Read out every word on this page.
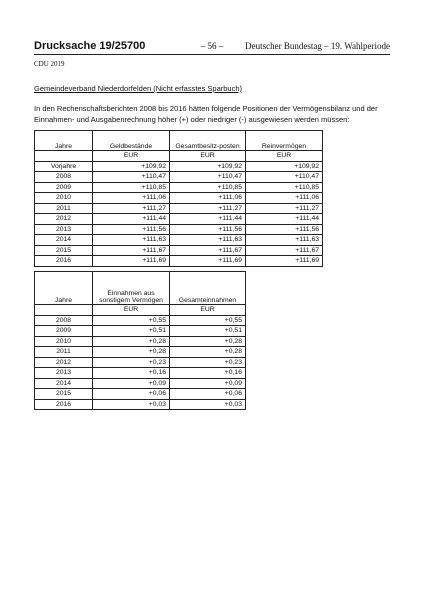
Drucksache 19/25700	– 56 –	Deutscher Bundestag – 19. Wahlperiode
CDU 2019
Gemeindeverband Niederdorfelden (Nicht erfasstes Sparbuch)
In den Rechenschaftsberichten 2008 bis 2016 hätten folgende Positionen der Vermögensbilanz und der Einnahmen- und Ausgabenrechnung höher (+) oder niedriger (-) ausgewiesen werden müssen:
Jahre	Geldbestände	Gesamtbesitz-posten	Reinvermögen
	EUR	EUR	EUR
Vorjahre	+109,92	+109,92	+109,92
2008	+110,47	+110,47	+110,47
2009	+110,85	+110,85	+110,85
2010	+111,06	+111,06	+111,06
2011	+111,27	+111,27	+111,27
2012	+111,44	+111,44	+111,44
2013	+111,56	+111,56	+111,56
2014	+111,63	+111,63	+111,63
2015	+111,67	+111,67	+111,67
2016	+111,69	+111,69	+111,69
Jahre	Einnahmen aus sonstigem Vermögen	Gesamteinnahmen
	EUR	EUR
2008	+0,55	+0,55
2009	+0,51	+0,51
2010	+0,28	+0,28
2011	+0,28	+0,28
2012	+0,23	+0,23
2013	+0,16	+0,16
2014	+0,09	+0,09
2015	+0,06	+0,06
2016	+0,03	+0,03
